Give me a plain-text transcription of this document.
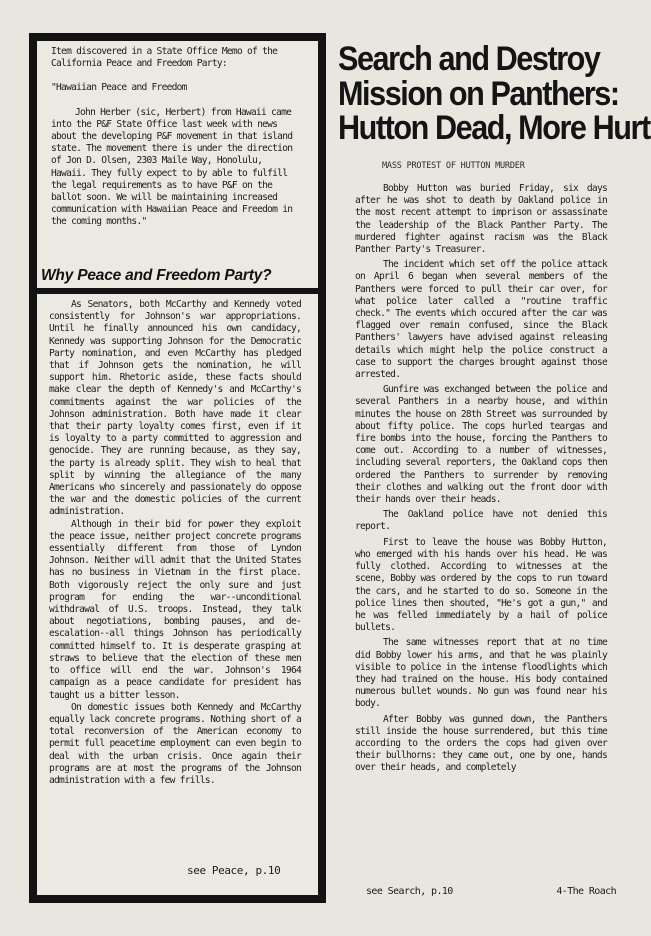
Item discovered in a State Office Memo of the California Peace and Freedom Party:

"Hawaiian Peace and Freedom

John Herber (sic, Herbert) from Hawaii came into the P&F State Office last week with news about the developing P&F movement in that island state. The movement there is under the direction of Jon D. Olsen, 2303 Maile Way, Honolulu, Hawaii. They fully expect to by able to fulfill the legal requirements as to have P&F on the ballot soon. We will be maintaining increased communication with Hawaiian Peace and Freedom in the coming months."

Why Peace and Freedom Party?

As Senators, both McCarthy and Kennedy voted consistently for Johnson's war appropriations. Until he finally announced his own candidacy, Kennedy was supporting Johnson for the Democratic Party nomination, and even McCarthy has pledged that if Johnson gets the nomination, he will support him. Rhetoric aside, these facts should make clear the depth of Kennedy's and McCarthy's commitments against the war policies of the Johnson administration. Both have made it clear that their party loyalty comes first, even if it is loyalty to a party committed to aggression and genocide. They are running because, as they say, the party is already split. They wish to heal that split by winning the allegiance of the many Americans who sincerely and passionately do oppose the war and the domestic policies of the current administration.

Although in their bid for power they exploit the peace issue, neither project concrete programs essentially different from those of Lyndon Johnson. Neither will admit that the United States has no business in Vietnam in the first place. Both vigorously reject the only sure and just program for ending the war--unconditional withdrawal of U.S. troops. Instead, they talk about negotiations, bombing pauses, and de-escalation--all things Johnson has periodically committed himself to. It is desperate grasping at straws to believe that the election of these men to office will end the war. Johnson's 1964 campaign as a peace candidate for president has taught us a bitter lesson.

On domestic issues both Kennedy and McCarthy equally lack concrete programs. Nothing short of a total reconversion of the American economy to permit full peacetime employment can even begin to deal with the urban crisis. Once again their programs are at most the programs of the Johnson administration with a few frills.

see Peace, p.10
Search and Destroy
Mission on Panthers:
Hutton Dead, More Hurt
MASS PROTEST OF HUTTON MURDER

Bobby Hutton was buried Friday, six days after he was shot to death by Oakland police in the most recent attempt to imprison or assassinate the leadership of the Black Panther Party. The murdered fighter against racism was the Black Panther Party's Treasurer.

The incident which set off the police attack on April 6 began when several members of the Panthers were forced to pull their car over, for what police later called a "routine traffic check." The events which occured after the car was flagged over remain confused, since the Black Panthers' lawyers have advised against releasing details which might help the police construct a case to support the charges brought against those arrested.

Gunfire was exchanged between the police and several Panthers in a nearby house, and within minutes the house on 28th Street was surrounded by about fifty police. The cops hurled teargas and fire bombs into the house, forcing the Panthers to come out. According to a number of witnesses, including several reporters, the Oakland cops then ordered the Panthers to surrender by removing their clothes and walking out the front door with their hands over their heads.

The Oakland police have not denied this report.

First to leave the house was Bobby Hutton, who emerged with his hands over his head. He was fully clothed. According to witnesses at the scene, Bobby was ordered by the cops to run toward the cars, and he started to do so. Someone in the police lines then shouted, "He's got a gun," and he was felled immediately by a hail of police bullets.

The same witnesses report that at no time did Bobby lower his arms, and that he was plainly visible to police in the intense floodlights which they had trained on the house. His body contained numerous bullet wounds. No gun was found near his body.

After Bobby was gunned down, the Panthers still inside the house surrendered, but this time according to the orders the cops had given over their bullhorns: they came out, one by one, hands over their heads, and completely

see Search, p.10	4-The Roach
